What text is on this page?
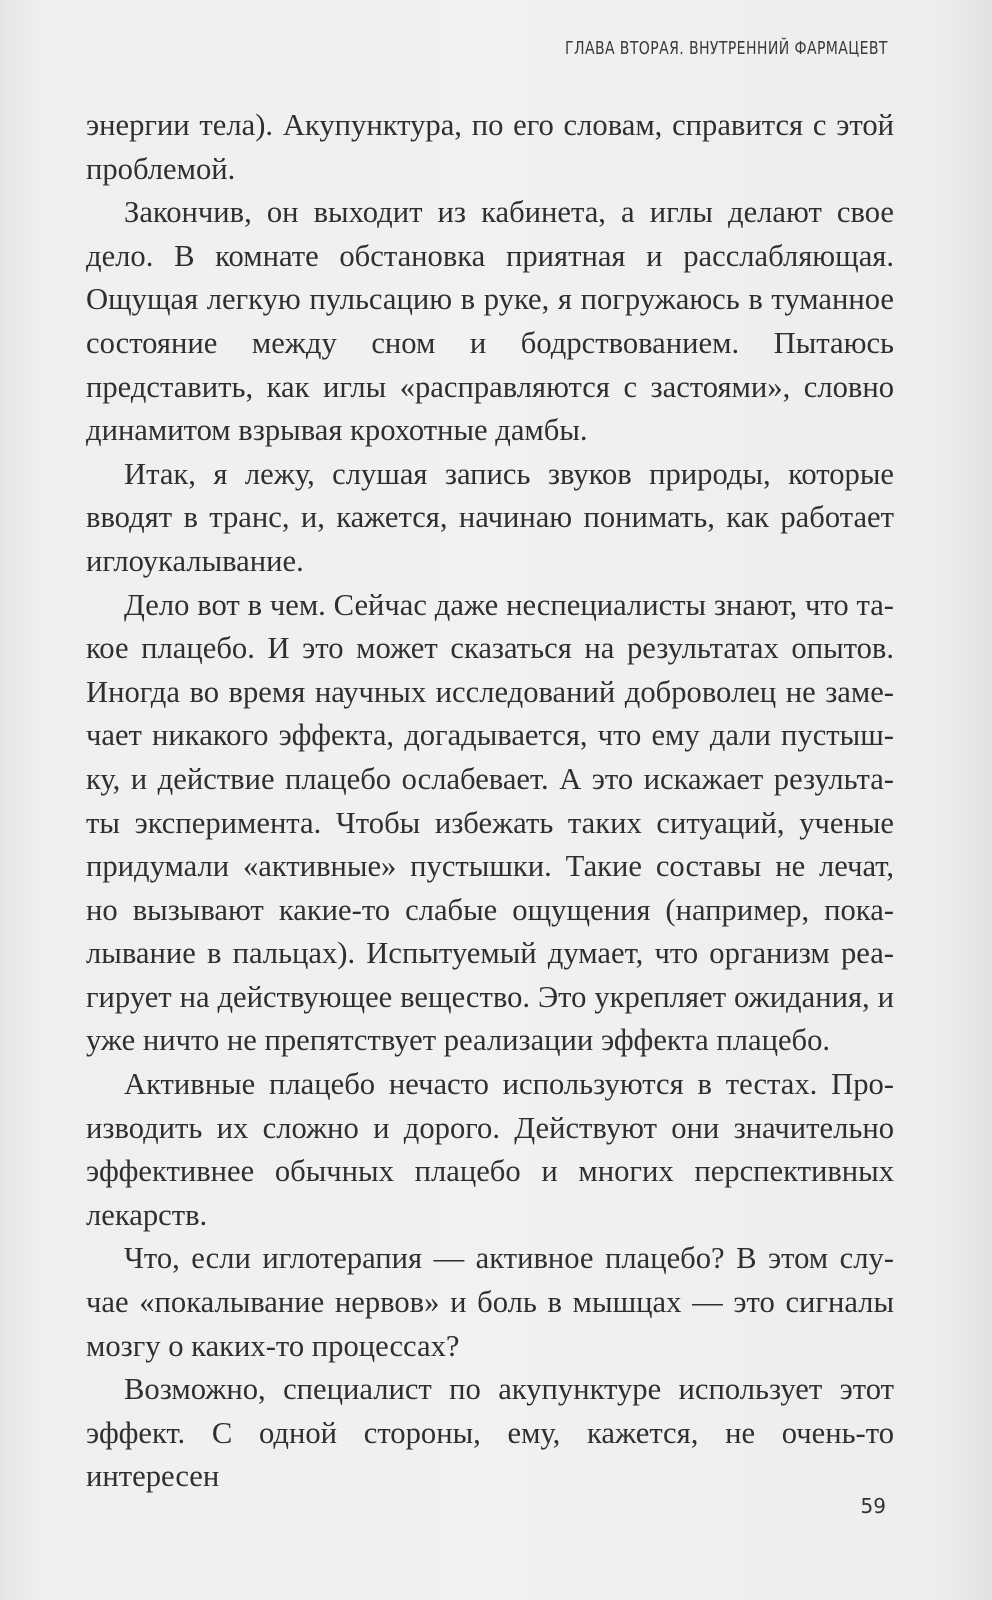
ГЛАВА ВТОРАЯ. ВНУТРЕННИЙ ФАРМАЦЕВТ

энергии тела). Акупунктура, по его словам, справится с этой проблемой.

Закончив, он выходит из кабинета, а иглы делают свое дело. В комнате обстановка приятная и расслабляющая. Ощущая легкую пульсацию в руке, я погружаюсь в туманное состояние между сном и бодрствованием. Пытаюсь представить, как иглы «расправляются с застоями», словно динамитом взрывая крохотные дамбы.

Итак, я лежу, слушая запись звуков природы, которые вводят в транс, и, кажется, начинаю понимать, как работает иглоукалывание.

Дело вот в чем. Сейчас даже неспециалисты знают, что такое плацебо. И это может сказаться на результатах опытов. Иногда во время научных исследований доброволец не замечает никакого эффекта, догадывается, что ему дали пустышку, и действие плацебо ослабевает. А это искажает результаты эксперимента. Чтобы избежать таких ситуаций, ученые придумали «активные» пустышки. Такие составы не лечат, но вызывают какие-то слабые ощущения (например, покалывание в пальцах). Испытуемый думает, что организм реагирует на действующее вещество. Это укрепляет ожидания, и уже ничто не препятствует реализации эффекта плацебо.

Активные плацебо нечасто используются в тестах. Производить их сложно и дорого. Действуют они значительно эффективнее обычных плацебо и многих перспективных лекарств.

Что, если иглотерапия — активное плацебо? В этом случае «покалывание нервов» и боль в мышцах — это сигналы мозгу о каких-то процессах?

Возможно, специалист по акупунктуре использует этот эффект. С одной стороны, ему, кажется, не очень-то интересен

59
